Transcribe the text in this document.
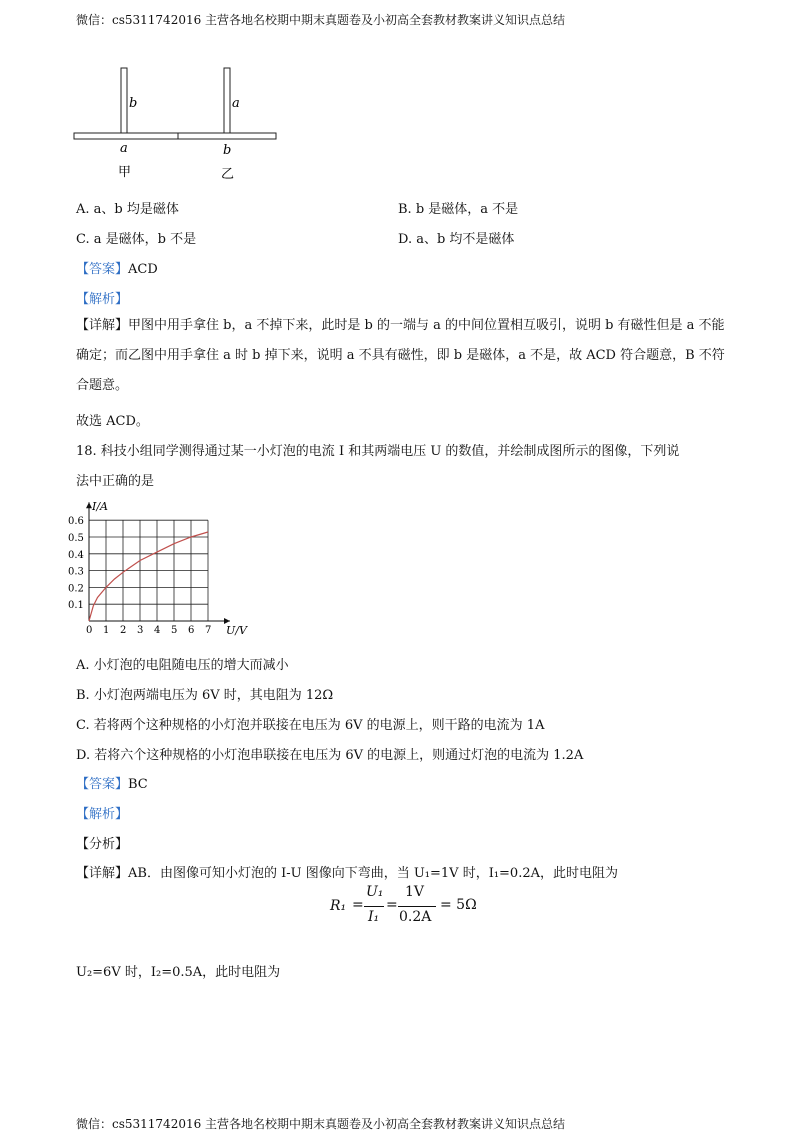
微信：cs5311742016 主营各地名校期中期末真题卷及小初高全套教材教案讲义知识点总结
微信：cs5311742016 主营各地名校期中期末真题卷及小初高全套教材教案讲义知识点总结
b
a
甲
a
b
乙
A. a、b 均是磁体	B. b 是磁体，a 不是
C. a 是磁体，b 不是	D. a、b 均不是磁体
【答案】ACD
【解析】
【详解】甲图中用手拿住 b，a 不掉下来，此时是 b 的一端与 a 的中间位置相互吸引，说明 b 有磁性但是 a 不能确定；而乙图中用手拿住 a 时 b 掉下来，说明 a 不具有磁性，即 b 是磁体，a 不是，故 ACD 符合题意，B 不符合题意。
故选 ACD。
18. 科技小组同学测得通过某一小灯泡的电流 I 和其两端电压 U 的数值，并绘制成图所示的图像，下列说
法中正确的是
0 1 2 3 4 5 6 7
0.1
0.2
0.3
0.4
0.5
0.6
I/A
U/V
A. 小灯泡的电阻随电压的增大而减小
B. 小灯泡两端电压为 6V 时，其电阻为 12Ω
C. 若将两个这种规格的小灯泡并联接在电压为 6V 的电源上，则干路的电流为 1A
D. 若将六个这种规格的小灯泡串联接在电压为 6V 的电源上，则通过灯泡的电流为 1.2A
【答案】BC
【解析】
【分析】
【详解】AB．由图像可知小灯泡的 I-U 图像向下弯曲，当 U₁=1V 时，I₁=0.2A，此时电阻为
R₁ =
U₁
I₁
=
1V
0.2A
= 5Ω
U₂=6V 时，I₂=0.5A，此时电阻为
